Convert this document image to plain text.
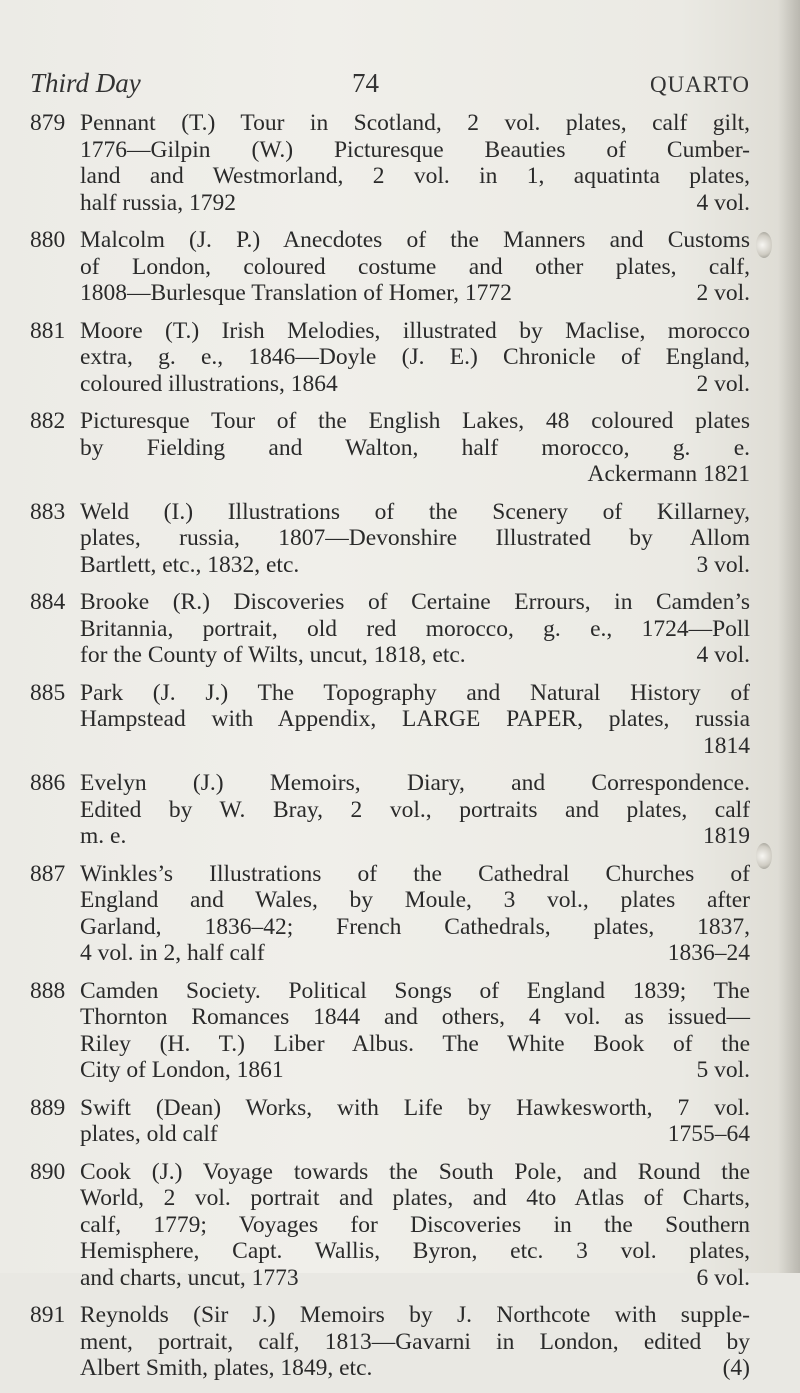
Third Day	74	QUARTO
879 Pennant (T.) Tour in Scotland, 2 vol. plates, calf gilt,
1776—Gilpin (W.) Picturesque Beauties of Cumber-
land and Westmorland, 2 vol. in 1, aquatinta plates,
half russia, 1792	4 vol.
880 Malcolm (J. P.) Anecdotes of the Manners and Customs
of London, coloured costume and other plates, calf,
1808—Burlesque Translation of Homer, 1772	2 vol.
881 Moore (T.) Irish Melodies, illustrated by Maclise, morocco
extra, g. e., 1846—Doyle (J. E.) Chronicle of England,
coloured illustrations, 1864	2 vol.
882 Picturesque Tour of the English Lakes, 48 coloured plates
by Fielding and Walton, half morocco, g. e.
Ackermann 1821
883 Weld (I.) Illustrations of the Scenery of Killarney,
plates, russia, 1807—Devonshire Illustrated by Allom
Bartlett, etc., 1832, etc.	3 vol.
884 Brooke (R.) Discoveries of Certaine Errours, in Camden’s
Britannia, portrait, old red morocco, g. e., 1724—Poll
for the County of Wilts, uncut, 1818, etc.	4 vol.
885 Park (J. J.) The Topography and Natural History of
Hampstead with Appendix, LARGE PAPER, plates, russia
1814
886 Evelyn (J.) Memoirs, Diary, and Correspondence.
Edited by W. Bray, 2 vol., portraits and plates, calf
m. e.	1819
887 Winkles’s Illustrations of the Cathedral Churches of
England and Wales, by Moule, 3 vol., plates after
Garland, 1836–42; French Cathedrals, plates, 1837,
4 vol. in 2, half calf	1836–24
888 Camden Society. Political Songs of England 1839; The
Thornton Romances 1844 and others, 4 vol. as issued—
Riley (H. T.) Liber Albus. The White Book of the
City of London, 1861	5 vol.
889 Swift (Dean) Works, with Life by Hawkesworth, 7 vol.
plates, old calf	1755–64
890 Cook (J.) Voyage towards the South Pole, and Round the
World, 2 vol. portrait and plates, and 4to Atlas of Charts,
calf, 1779; Voyages for Discoveries in the Southern
Hemisphere, Capt. Wallis, Byron, etc. 3 vol. plates,
and charts, uncut, 1773	6 vol.
891 Reynolds (Sir J.) Memoirs by J. Northcote with supple-
ment, portrait, calf, 1813—Gavarni in London, edited by
Albert Smith, plates, 1849, etc.	(4)
